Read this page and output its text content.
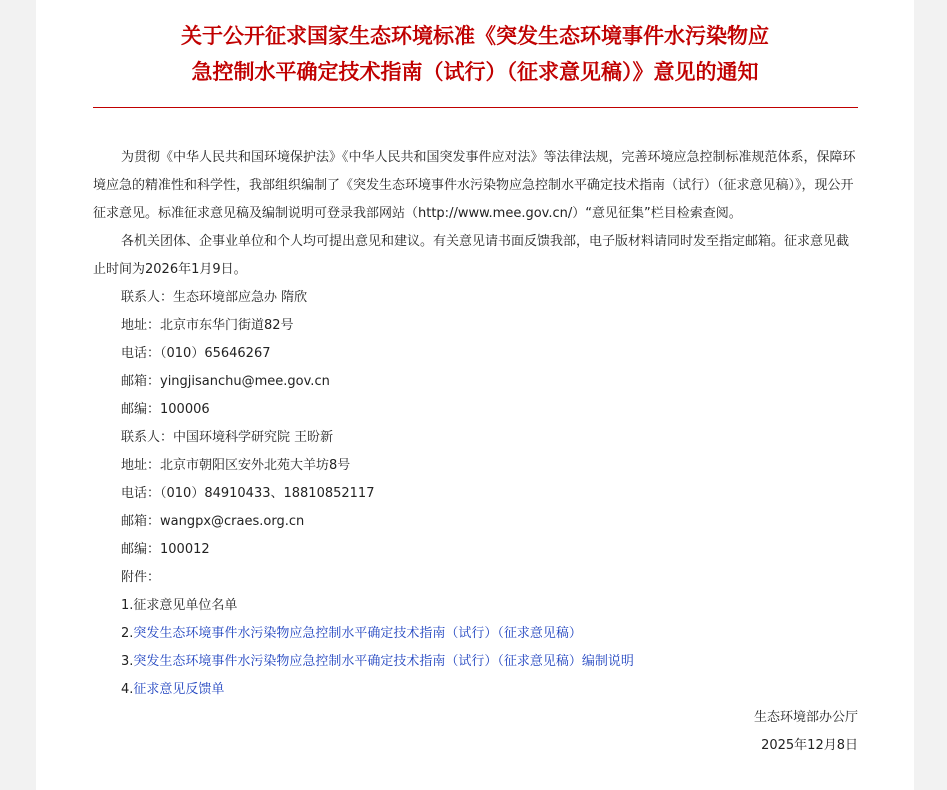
关于公开征求国家生态环境标准《突发生态环境事件水污染物应
急控制水平确定技术指南（试行）（征求意见稿）》意见的通知

为贯彻《中华人民共和国环境保护法》《中华人民共和国突发事件应对法》等法律法规，完善环境应急控制标准规范体系，保障环境应急的精准性和科学性，我部组织编制了《突发生态环境事件水污染物应急控制水平确定技术指南（试行）（征求意见稿）》，现公开征求意见。标准征求意见稿及编制说明可登录我部网站（http://www.mee.gov.cn/）“意见征集”栏目检索查阅。

各机关团体、企事业单位和个人均可提出意见和建议。有关意见请书面反馈我部，电子版材料请同时发至指定邮箱。征求意见截止时间为2026年1月9日。

联系人：生态环境部应急办 隋欣

地址：北京市东华门街道82号

电话：（010）65646267

邮箱：yingjisanchu@mee.gov.cn

邮编：100006

联系人：中国环境科学研究院 王昐新

地址：北京市朝阳区安外北苑大羊坊8号

电话：（010）84910433、18810852117

邮箱：wangpx@craes.org.cn

邮编：100012

附件：

1.征求意见单位名单

2.突发生态环境事件水污染物应急控制水平确定技术指南（试行）（征求意见稿）

3.突发生态环境事件水污染物应急控制水平确定技术指南（试行）（征求意见稿）编制说明

4.征求意见反馈单

生态环境部办公厅

2025年12月8日
